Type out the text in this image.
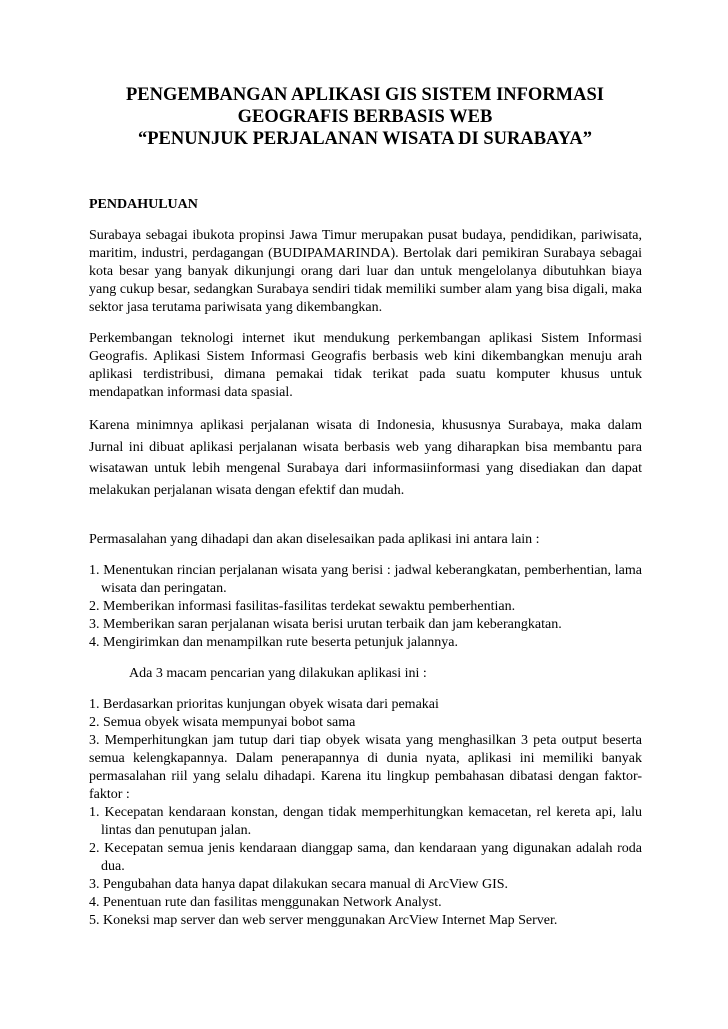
PENGEMBANGAN APLIKASI GIS SISTEM INFORMASI
GEOGRAFIS BERBASIS WEB
“PENUNJUK PERJALANAN WISATA DI SURABAYA”

PENDAHULUAN

Surabaya sebagai ibukota propinsi Jawa Timur merupakan pusat budaya, pendidikan, pariwisata, maritim, industri, perdagangan (BUDIPAMARINDA). Bertolak dari pemikiran Surabaya sebagai kota besar yang banyak dikunjungi orang dari luar dan untuk mengelolanya dibutuhkan biaya yang cukup besar, sedangkan Surabaya sendiri tidak memiliki sumber alam yang bisa digali, maka sektor jasa terutama pariwisata yang dikembangkan.

Perkembangan teknologi internet ikut mendukung perkembangan aplikasi Sistem Informasi Geografis. Aplikasi Sistem Informasi Geografis berbasis web kini dikembangkan menuju arah aplikasi terdistribusi, dimana pemakai tidak terikat pada suatu komputer khusus untuk mendapatkan informasi data spasial.

Karena minimnya aplikasi perjalanan wisata di Indonesia, khususnya Surabaya, maka dalam Jurnal ini dibuat aplikasi perjalanan wisata berbasis web yang diharapkan bisa membantu para wisatawan untuk lebih mengenal Surabaya dari informasiinformasi yang disediakan dan dapat melakukan perjalanan wisata dengan efektif dan mudah.

Permasalahan yang dihadapi dan akan diselesaikan pada aplikasi ini antara lain :

1. Menentukan rincian perjalanan wisata yang berisi : jadwal keberangkatan, pemberhentian, lama wisata dan peringatan.
2. Memberikan informasi fasilitas-fasilitas terdekat sewaktu pemberhentian.
3. Memberikan saran perjalanan wisata berisi urutan terbaik dan jam keberangkatan.
4. Mengirimkan dan menampilkan rute beserta petunjuk jalannya.

Ada 3 macam pencarian yang dilakukan aplikasi ini :

1. Berdasarkan prioritas kunjungan obyek wisata dari pemakai
2. Semua obyek wisata mempunyai bobot sama
3. Memperhitungkan jam tutup dari tiap obyek wisata yang menghasilkan 3 peta output beserta semua kelengkapannya. Dalam penerapannya di dunia nyata, aplikasi ini memiliki banyak permasalahan riil yang selalu dihadapi. Karena itu lingkup pembahasan dibatasi dengan faktor-faktor :
1. Kecepatan kendaraan konstan, dengan tidak memperhitungkan kemacetan, rel kereta api, lalu lintas dan penutupan jalan.
2. Kecepatan semua jenis kendaraan dianggap sama, dan kendaraan yang digunakan adalah roda dua.
3. Pengubahan data hanya dapat dilakukan secara manual di ArcView GIS.
4. Penentuan rute dan fasilitas menggunakan Network Analyst.
5. Koneksi map server dan web server menggunakan ArcView Internet Map Server.
